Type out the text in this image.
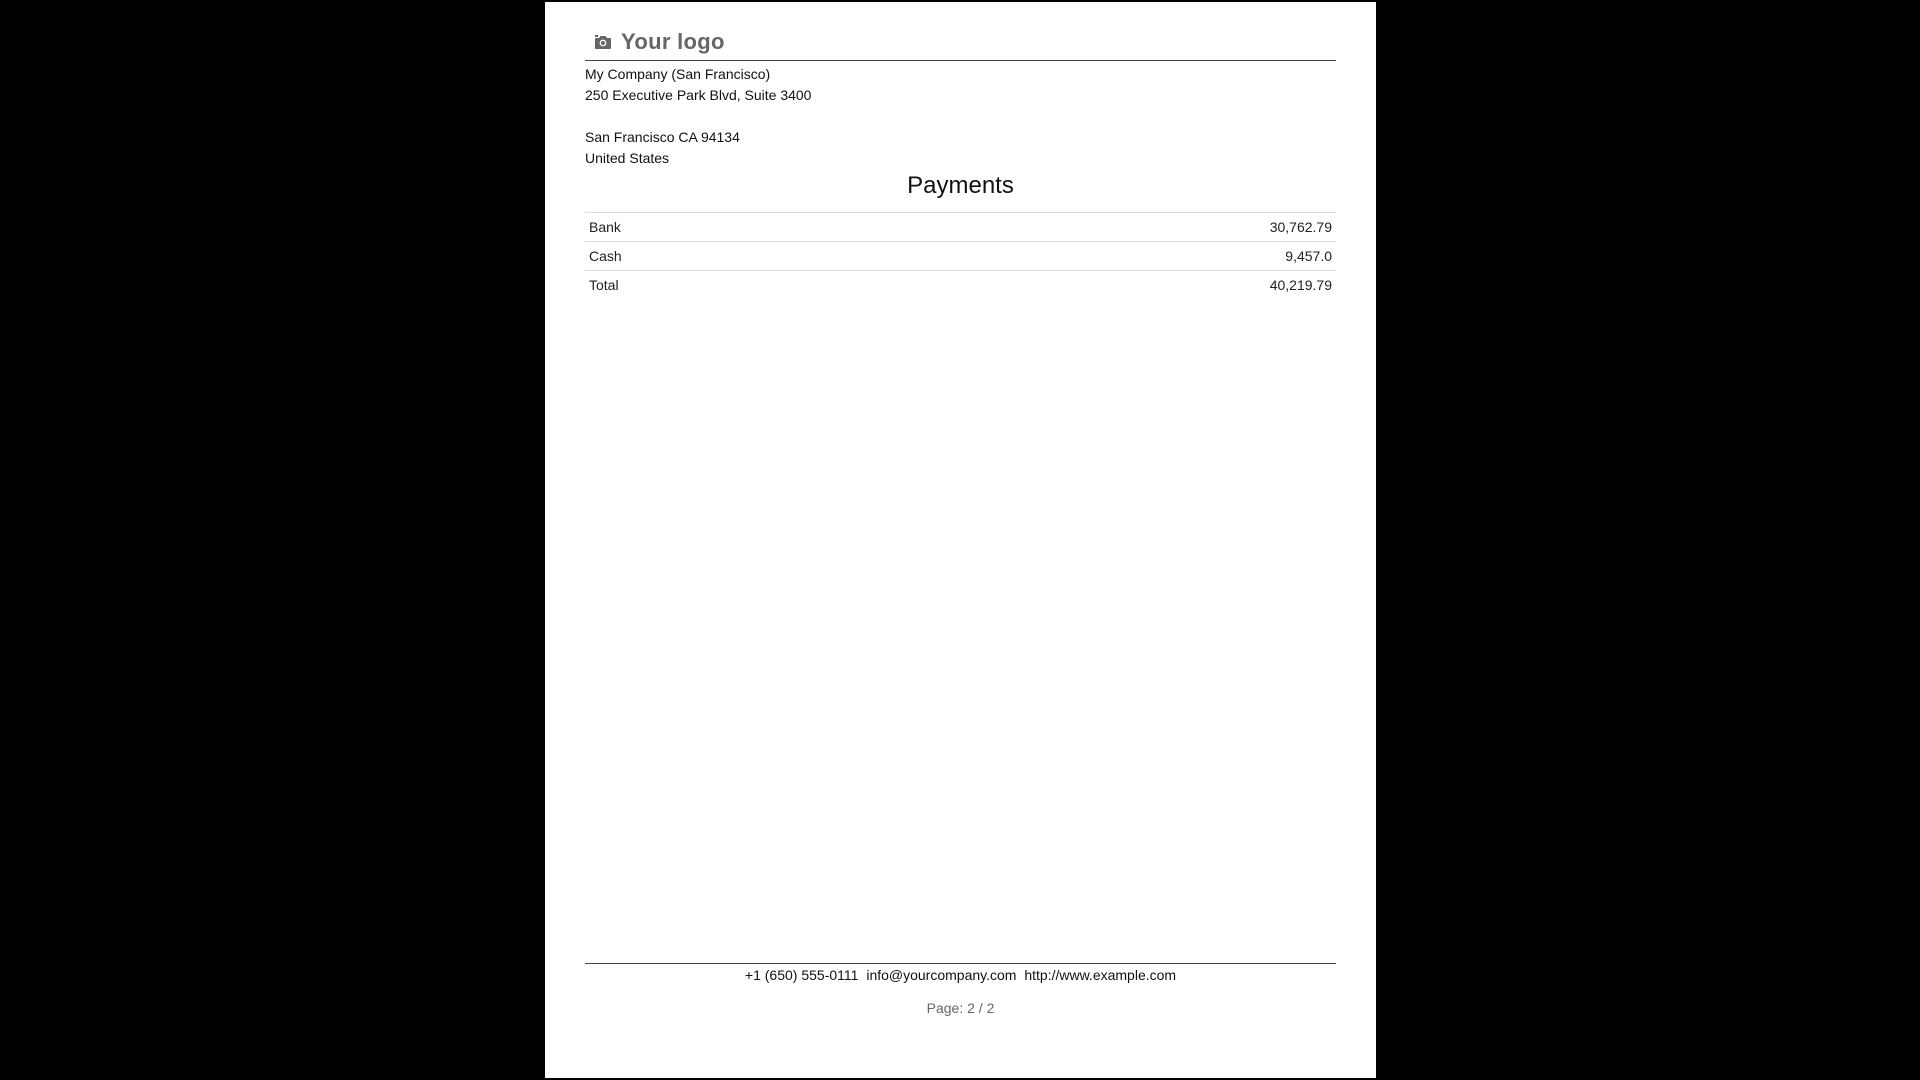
Your logo
My Company (San Francisco)
250 Executive Park Blvd, Suite 3400
San Francisco CA 94134
United States
Payments
Bank	30,762.79
Cash	9,457.0
Total	40,219.79
+1 (650) 555-0111 info@yourcompany.com http://www.example.com
Page: 2 / 2
